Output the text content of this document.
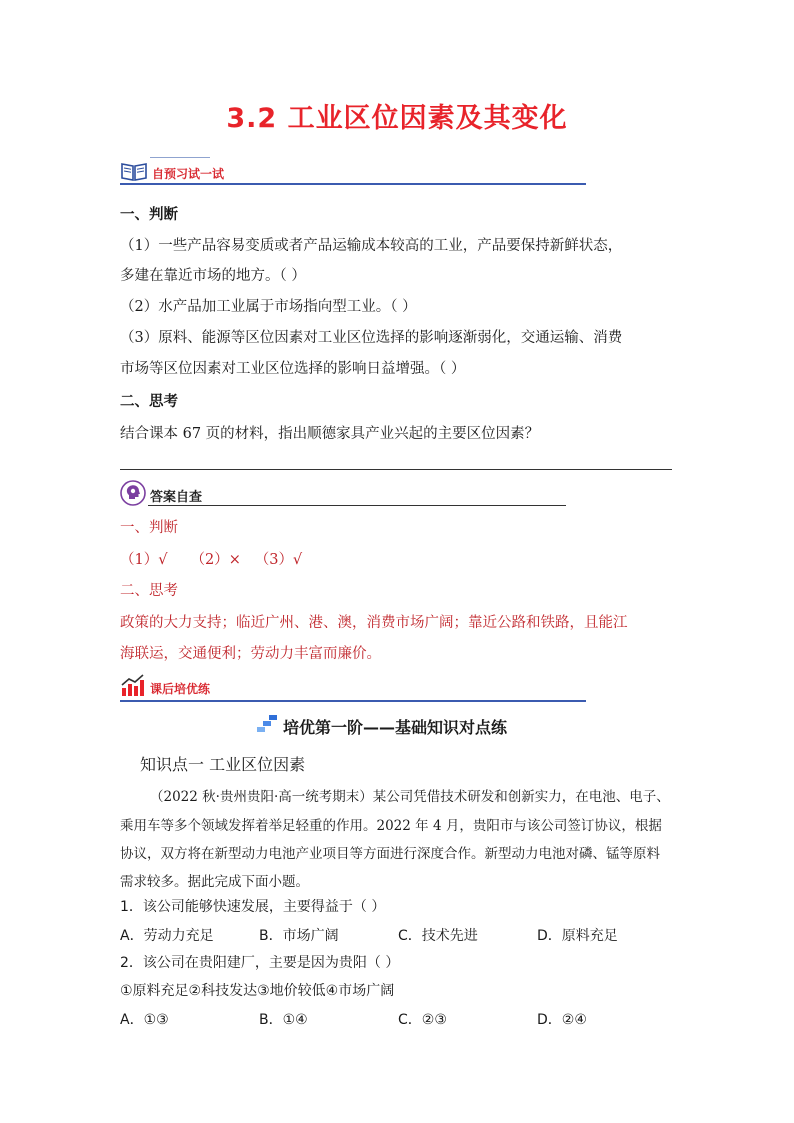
3.2 工业区位因素及其变化
自预习试一试
一、判断
（1）一些产品容易变质或者产品运输成本较高的工业，产品要保持新鲜状态，
多建在靠近市场的地方。（ ）
（2）水产品加工业属于市场指向型工业。（ ）
（3）原料、能源等区位因素对工业区位选择的影响逐渐弱化，交通运输、消费
市场等区位因素对工业区位选择的影响日益增强。（ ）
二、思考
结合课本 67 页的材料，指出顺德家具产业兴起的主要区位因素？
答案自查
一、判断
（1）√     （2）×   （3）√
二、思考
政策的大力支持；临近广州、港、澳，消费市场广阔；靠近公路和铁路，且能江
海联运，交通便利；劳动力丰富而廉价。
课后培优练
培优第一阶——基础知识对点练
知识点一 工业区位因素
（2022 秋·贵州贵阳·高一统考期末）某公司凭借技术研发和创新实力，在电池、电子、
乘用车等多个领域发挥着举足轻重的作用。2022 年 4 月，贵阳市与该公司签订协议，根据
协议，双方将在新型动力电池产业项目等方面进行深度合作。新型动力电池对磷、锰等原料
需求较多。据此完成下面小题。
1．该公司能够快速发展，主要得益于（ ）
A．劳动力充足	B．市场广阔	C．技术先进	D．原料充足
2．该公司在贵阳建厂，主要是因为贵阳（ ）
①原料充足②科技发达③地价较低④市场广阔
A．①③	B．①④	C．②③	D．②④
